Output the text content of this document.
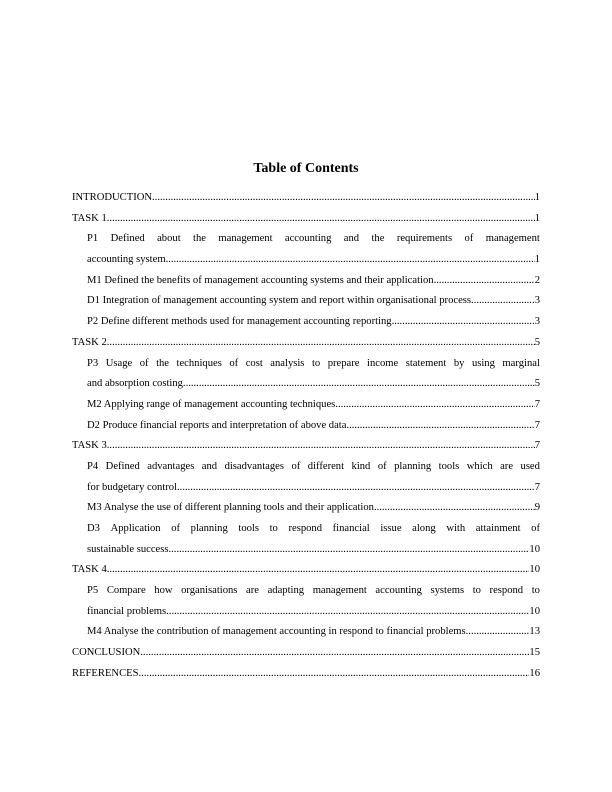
Table of Contents
INTRODUCTION .....	1
TASK 1 .....	1
P1 Defined about the management accounting and the requirements of management
accounting system .....	1
M1 Defined the benefits of management accounting systems and their application .....	2
D1 Integration of management accounting system and report within organisational process .....	3
P2 Define different methods used for management accounting reporting .....	3
TASK 2 .....	5
P3 Usage of the techniques of cost analysis to prepare income statement by using marginal
and absorption costing .....	5
M2 Applying range of management accounting techniques .....	7
D2 Produce financial reports and interpretation of above data .....	7
TASK 3 .....	7
P4 Defined advantages and disadvantages of different kind of planning tools which are used
for budgetary control .....	7
M3 Analyse the use of different planning tools and their application .....	9
D3 Application of planning tools to respond financial issue along with attainment of
sustainable success .....	10
TASK 4 .....	10
P5 Compare how organisations are adapting management accounting systems to respond to
financial problems .....	10
M4 Analyse the contribution of management accounting in respond to financial problems .....	13
CONCLUSION .....	15
REFERENCES .....	16
